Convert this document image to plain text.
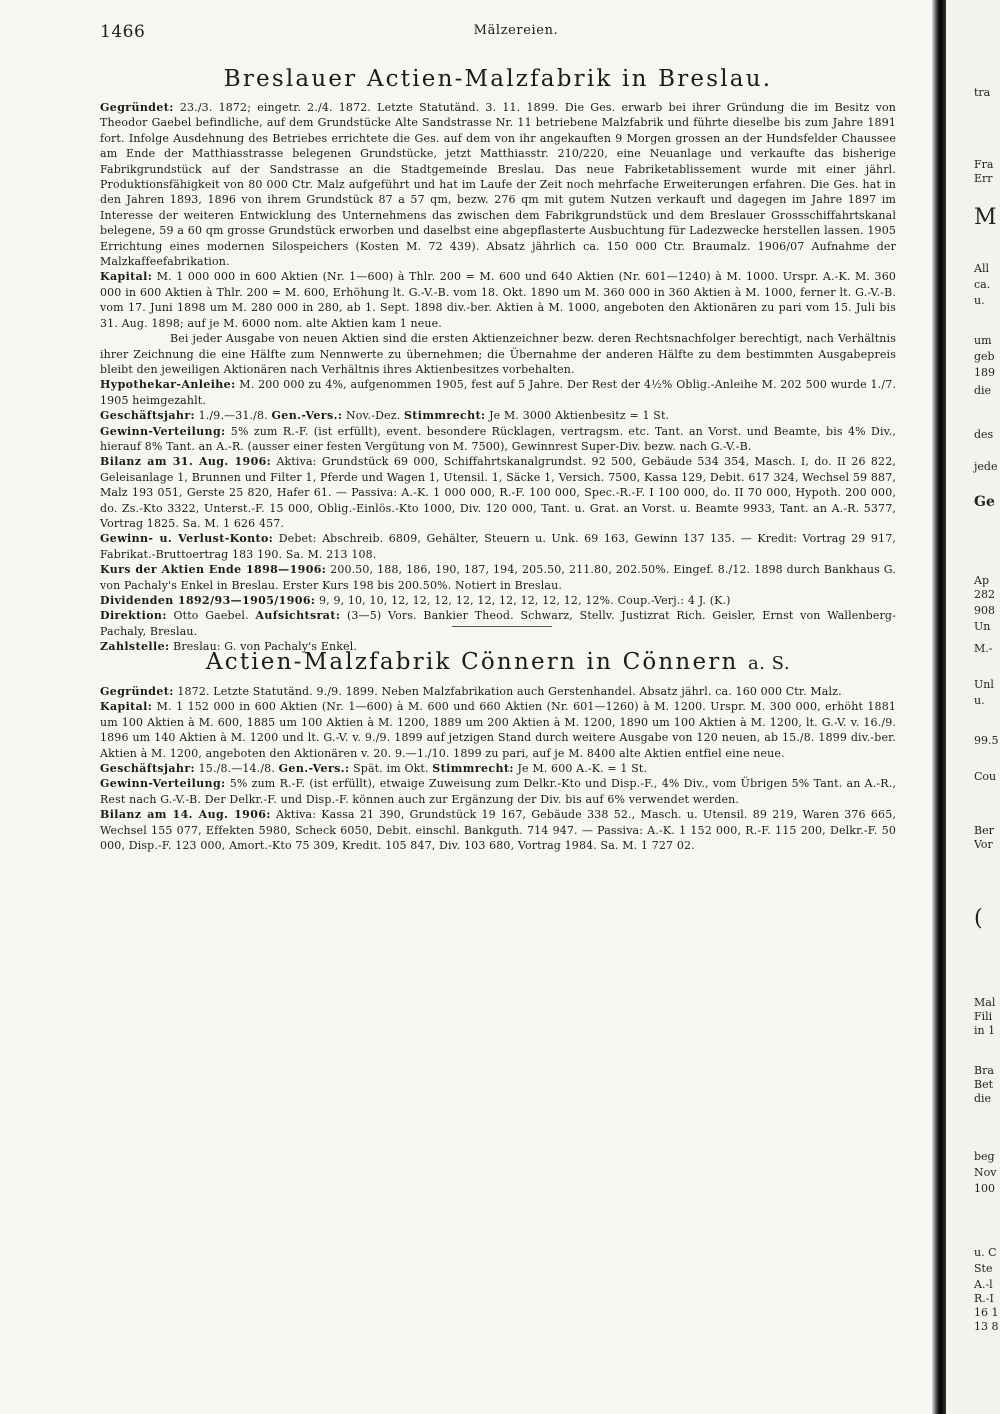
1466	Mälzereien.
Breslauer Actien-Malzfabrik in Breslau.

Gegründet: 23./3. 1872; eingetr. 2./4. 1872. Letzte Statutänd. 3. 11. 1899. Die Ges. erwarb bei ihrer Gründung die im Besitz von Theodor Gaebel befindliche, auf dem Grundstücke Alte Sandstrasse Nr. 11 betriebene Malzfabrik und führte dieselbe bis zum Jahre 1891 fort. Infolge Ausdehnung des Betriebes errichtete die Ges. auf dem von ihr angekauften 9 Morgen grossen an der Hundsfelder Chaussee am Ende der Matthiasstrasse belegenen Grundstücke, jetzt Matthiasstr. 210/220, eine Neuanlage und verkaufte das bisherige Fabrikgrundstück auf der Sandstrasse an die Stadtgemeinde Breslau. Das neue Fabriketablissement wurde mit einer jährl. Produktionsfähigkeit von 80 000 Ctr. Malz aufgeführt und hat im Laufe der Zeit noch mehrfache Erweiterungen erfahren. Die Ges. hat in den Jahren 1893, 1896 von ihrem Grundstück 87 a 57 qm, bezw. 276 qm mit gutem Nutzen verkauft und dagegen im Jahre 1897 im Interesse der weiteren Entwicklung des Unternehmens das zwischen dem Fabrikgrundstück und dem Breslauer Grossschiffahrtskanal belegene, 59 a 60 qm grosse Grundstück erworben und daselbst eine abgepflasterte Ausbuchtung für Ladezwecke herstellen lassen. 1905 Errichtung eines modernen Silospeichers (Kosten M. 72 439). Absatz jährlich ca. 150 000 Ctr. Braumalz. 1906/07 Aufnahme der Malzkaffeefabrikation.

Kapital: M. 1 000 000 in 600 Aktien (Nr. 1—600) à Thlr. 200 = M. 600 und 640 Aktien (Nr. 601—1240) à M. 1000. Urspr. A.-K. M. 360 000 in 600 Aktien à Thlr. 200 = M. 600, Erhöhung lt. G.-V.-B. vom 18. Okt. 1890 um M. 360 000 in 360 Aktien à M. 1000, ferner lt. G.-V.-B. vom 17. Juni 1898 um M. 280 000 in 280, ab 1. Sept. 1898 div.-ber. Aktien à M. 1000, angeboten den Aktionären zu pari vom 15. Juli bis 31. Aug. 1898; auf je M. 6000 nom. alte Aktien kam 1 neue.

Bei jeder Ausgabe von neuen Aktien sind die ersten Aktienzeichner bezw. deren Rechtsnachfolger berechtigt, nach Verhältnis ihrer Zeichnung die eine Hälfte zum Nennwerte zu übernehmen; die Übernahme der anderen Hälfte zu dem bestimmten Ausgabepreis bleibt den jeweiligen Aktionären nach Verhältnis ihres Aktienbesitzes vorbehalten.

Hypothekar-Anleihe: M. 200 000 zu 4%, aufgenommen 1905, fest auf 5 Jahre. Der Rest der 4½% Oblig.-Anleihe M. 202 500 wurde 1./7. 1905 heimgezahlt.

Geschäftsjahr: 1./9.—31./8. Gen.-Vers.: Nov.-Dez. Stimmrecht: Je M. 3000 Aktienbesitz = 1 St.

Gewinn-Verteilung: 5% zum R.-F. (ist erfüllt), event. besondere Rücklagen, vertragsm. etc. Tant. an Vorst. und Beamte, bis 4% Div., hierauf 8% Tant. an A.-R. (ausser einer festen Vergütung von M. 7500), Gewinnrest Super-Div. bezw. nach G.-V.-B.

Bilanz am 31. Aug. 1906: Aktiva: Grundstück 69 000, Schiffahrtskanalgrundst. 92 500, Gebäude 534 354, Masch. I, do. II 26 822, Geleisanlage 1, Brunnen und Filter 1, Pferde und Wagen 1, Utensil. 1, Säcke 1, Versich. 7500, Kassa 129, Debit. 617 324, Wechsel 59 887, Malz 193 051, Gerste 25 820, Hafer 61. — Passiva: A.-K. 1 000 000, R.-F. 100 000, Spec.-R.-F. I 100 000, do. II 70 000, Hypoth. 200 000, do. Zs.-Kto 3322, Unterst.-F. 15 000, Oblig.-Einlös.-Kto 1000, Div. 120 000, Tant. u. Grat. an Vorst. u. Beamte 9933, Tant. an A.-R. 5377, Vortrag 1825. Sa. M. 1 626 457.

Gewinn- u. Verlust-Konto: Debet: Abschreib. 6809, Gehälter, Steuern u. Unk. 69 163, Gewinn 137 135. — Kredit: Vortrag 29 917, Fabrikat.-Bruttoertrag 183 190. Sa. M. 213 108.

Kurs der Aktien Ende 1898—1906: 200.50, 188, 186, 190, 187, 194, 205.50, 211.80, 202.50%. Eingef. 8./12. 1898 durch Bankhaus G. von Pachaly's Enkel in Breslau. Erster Kurs 198 bis 200.50%. Notiert in Breslau.

Dividenden 1892/93—1905/1906: 9, 9, 10, 10, 12, 12, 12, 12, 12, 12, 12, 12, 12, 12%. Coup.-Verj.: 4 J. (K.)

Direktion: Otto Gaebel. Aufsichtsrat: (3—5) Vors. Bankier Theod. Schwarz, Stellv. Justizrat Rich. Geisler, Ernst von Wallenberg-Pachaly, Breslau.

Zahlstelle: Breslau: G. von Pachaly's Enkel.

Actien-Malzfabrik Cönnern in Cönnern a. S.

Gegründet: 1872. Letzte Statutänd. 9./9. 1899. Neben Malzfabrikation auch Gerstenhandel. Absatz jährl. ca. 160 000 Ctr. Malz.

Kapital: M. 1 152 000 in 600 Aktien (Nr. 1—600) à M. 600 und 660 Aktien (Nr. 601—1260) à M. 1200. Urspr. M. 300 000, erhöht 1881 um 100 Aktien à M. 600, 1885 um 100 Aktien à M. 1200, 1889 um 200 Aktien à M. 1200, 1890 um 100 Aktien à M. 1200, lt. G.-V. v. 16./9. 1896 um 140 Aktien à M. 1200 und lt. G.-V. v. 9./9. 1899 auf jetzigen Stand durch weitere Ausgabe von 120 neuen, ab 15./8. 1899 div.-ber. Aktien à M. 1200, angeboten den Aktionären v. 20. 9.—1./10. 1899 zu pari, auf je M. 8400 alte Aktien entfiel eine neue.

Geschäftsjahr: 15./8.—14./8. Gen.-Vers.: Spät. im Okt. Stimmrecht: Je M. 600 A.-K. = 1 St.

Gewinn-Verteilung: 5% zum R.-F. (ist erfüllt), etwaige Zuweisung zum Delkr.-Kto und Disp.-F., 4% Div., vom Übrigen 5% Tant. an A.-R., Rest nach G.-V.-B. Der Delkr.-F. und Disp.-F. können auch zur Ergänzung der Div. bis auf 6% verwendet werden.

Bilanz am 14. Aug. 1906: Aktiva: Kassa 21 390, Grundstück 19 167, Gebäude 338 52., Masch. u. Utensil. 89 219, Waren 376 665, Wechsel 155 077, Effekten 5980, Scheck 6050, Debit. einschl. Bankguth. 714 947. — Passiva: A.-K. 1 152 000, R.-F. 115 200, Delkr.-F. 50 000, Disp.-F. 123 000, Amort.-Kto 75 309, Kredit. 105 847, Div. 103 680, Vortrag 1984. Sa. M. 1 727 02.

tra
Fra
Err
M
All
ca.
u.
um
geb
189
die
des
jede
Ge
Ap
282
908
Un
M.-
Unl
u.
99.5
Cou
Ber
Vor
(
Mal
Fili
in 1
Bra
Bet
die
beg
Nov
100
u. C
Ste
A.-l
R.-I
16 1
13 8
